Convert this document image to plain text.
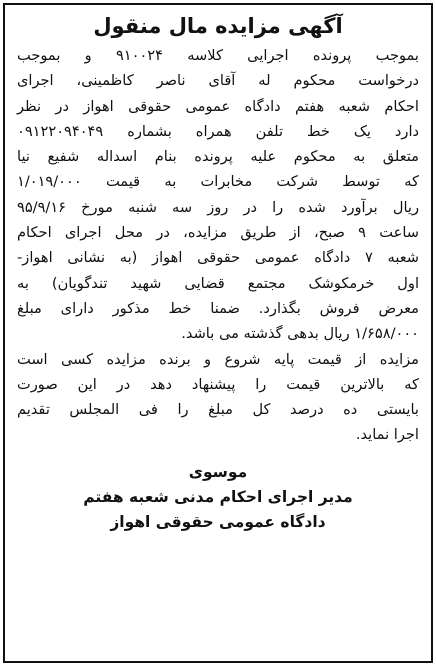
آگهی مزایده مال منقول
بموجب پرونده اجرایی کلاسه ۹۱۰۰۲۴ و بموجب
درخواست محکوم له آقای ناصر کاظمینی، اجرای
احکام شعبه هفتم دادگاه عمومی حقوقی اهواز در نظر
دارد یک خط تلفن همراه بشماره ۰۹۱۲۲۰۹۴۰۴۹
متعلق به محکوم علیه پرونده بنام اسداله شفیع نیا
که توسط شرکت مخابرات به قیمت ۱/۰۱۹/۰۰۰
ریال برآورد شده را در روز سه شنبه مورخ ۹۵/۹/۱۶
ساعت ۹ صبح، از طریق مزایده، در محل اجرای احکام
شعبه ۷ دادگاه عمومی حقوقی اهواز (به نشانی اهواز-
اول خرمکوشک مجتمع قضایی شهید تندگویان) به
معرض فروش بگذارد. ضمنا خط مذکور دارای مبلغ
۱/۶۵۸/۰۰۰ ریال بدهی گذشته می باشد.
مزایده از قیمت پایه شروع و برنده مزایده کسی است
که بالاترین قیمت را پیشنهاد دهد در این صورت
بایستی ده درصد کل مبلغ را فی المجلس تقدیم
اجرا نماید.
موسوی
مدیر اجرای احکام مدنی شعبه هفتم
دادگاه عمومی حقوقی اهواز
